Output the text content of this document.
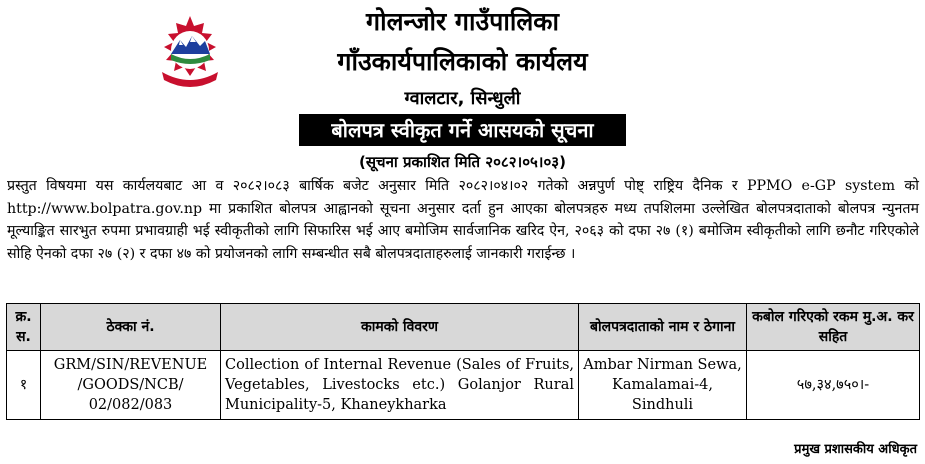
गोलन्जोर गाउँपालिका
गाँउकार्यपालिकाको कार्यलय
ग्वालटार, सिन्धुली
बोलपत्र स्वीकृत गर्ने आसयको सूचना
(सूचना प्रकाशित मिति २०८२।०५।०३)

प्रस्तुत विषयमा यस कार्यलयबाट आ व २०८२।०८३ बार्षिक बजेट अनुसार मिति २०८२।०४।०२ गतेको अन्नपुर्ण पोष्ट् राष्ट्रिय दैनिक र PPMO e-GP system को http://www.bolpatra.gov.np मा प्रकाशित बोलपत्र आह्वानको सूचना अनुसार दर्ता हुन आएका बोलपत्रहरु मध्य तपशिलमा उल्लेखित बोलपत्रदाताको बोलपत्र न्युनतम मूल्याङ्कित सारभुत रुपमा प्रभावग्राही भई स्वीकृतीको लागि सिफारिस भई आए बमोजिम सार्वजानिक खरिद ऐन, २०६३ को दफा २७ (१) बमोजिम स्वीकृतीको लागि छनौट गरिएकोले सोहि ऐनको दफा २७ (२) र दफा ४७ को प्रयोजनको लागि सम्बन्धीत सबै बोलपत्रदाताहरुलाई जानकारी गराईन्छ ।

क्र. स.	ठेक्का नं.	कामको विवरण	बोलपत्रदाताको नाम र ठेगाना	कबोल गरिएको रकम मु.अ. कर सहित
१	GRM/SIN/REVENUE /GOODS/NCB/ 02/082/083	Collection of Internal Revenue (Sales of Fruits, Vegetables, Livestocks etc.) Golanjor Rural Municipality-5, Khaneykharka	Ambar Nirman Sewa, Kamalamai-4, Sindhuli	५७,३४,७५०।-
प्रमुख प्रशासकीय अधिकृत
